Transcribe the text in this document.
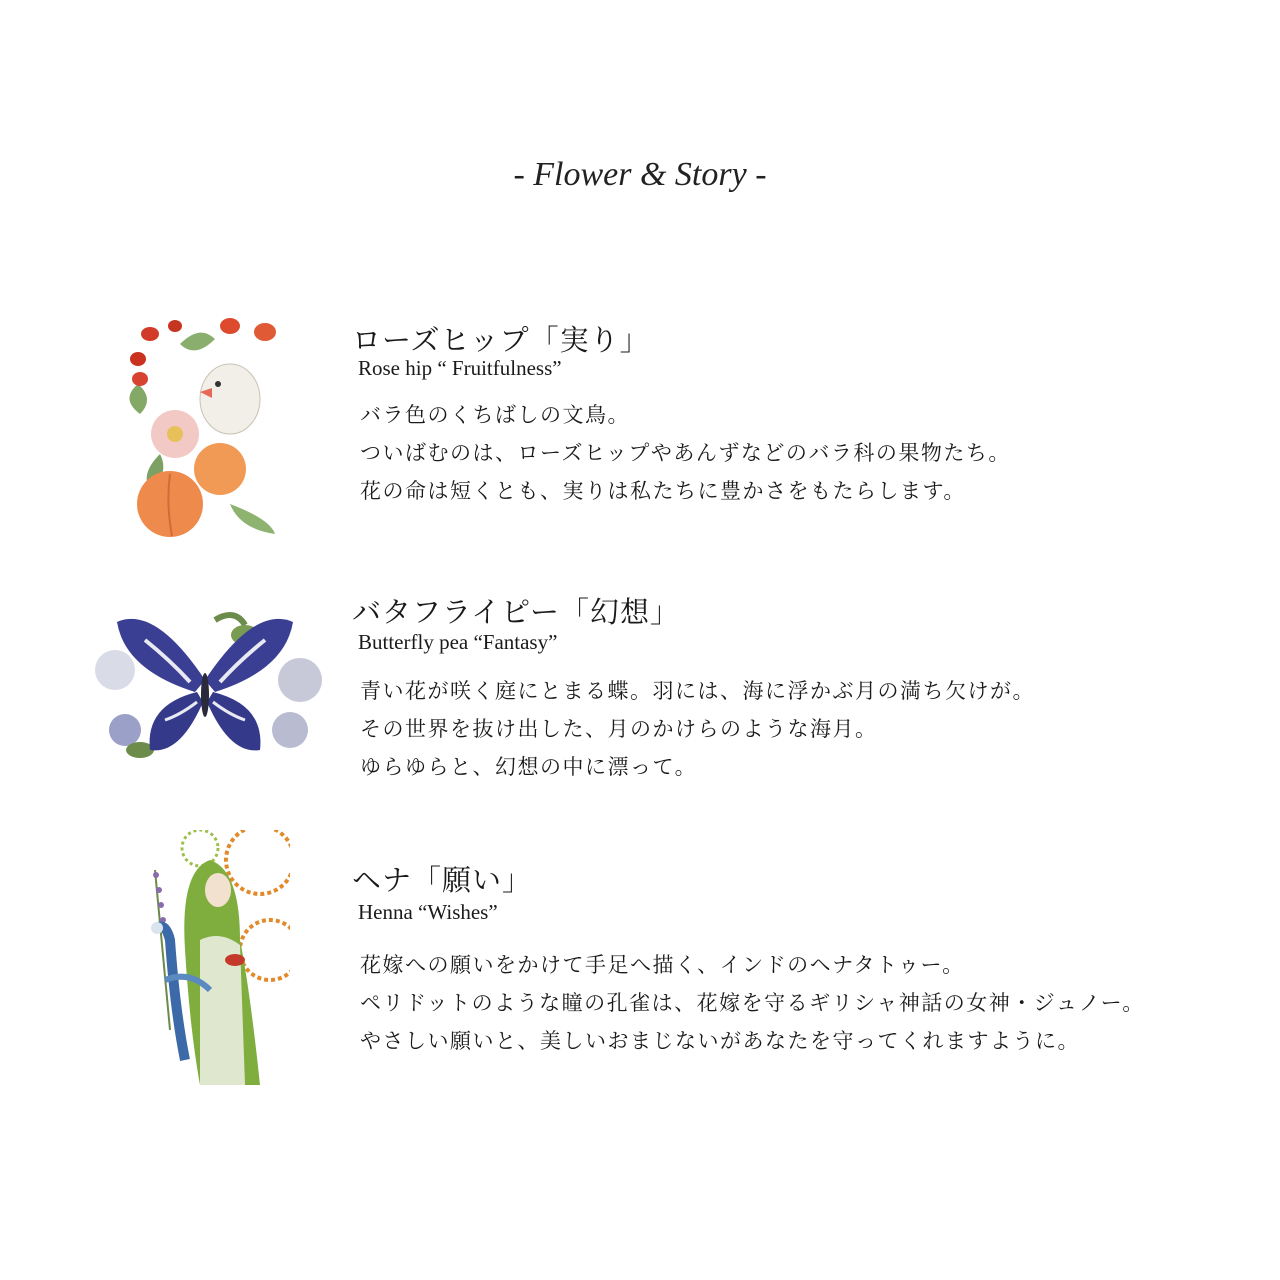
- Flower & Story -
ローズヒップ「実り」
Rose hip “ Fruitfulness”
バラ色のくちばしの文鳥。
ついばむのは、ローズヒップやあんずなどのバラ科の果物たち。
花の命は短くとも、実りは私たちに豊かさをもたらします。
バタフライピー「幻想」
Butterfly pea “Fantasy”
青い花が咲く庭にとまる蝶。羽には、海に浮かぶ月の満ち欠けが。
その世界を抜け出した、月のかけらのような海月。
ゆらゆらと、幻想の中に漂って。
ヘナ「願い」
Henna “Wishes”
花嫁への願いをかけて手足へ描く、インドのヘナタトゥー。
ペリドットのような瞳の孔雀は、花嫁を守るギリシャ神話の女神・ジュノー。
やさしい願いと、美しいおまじないがあなたを守ってくれますように。
